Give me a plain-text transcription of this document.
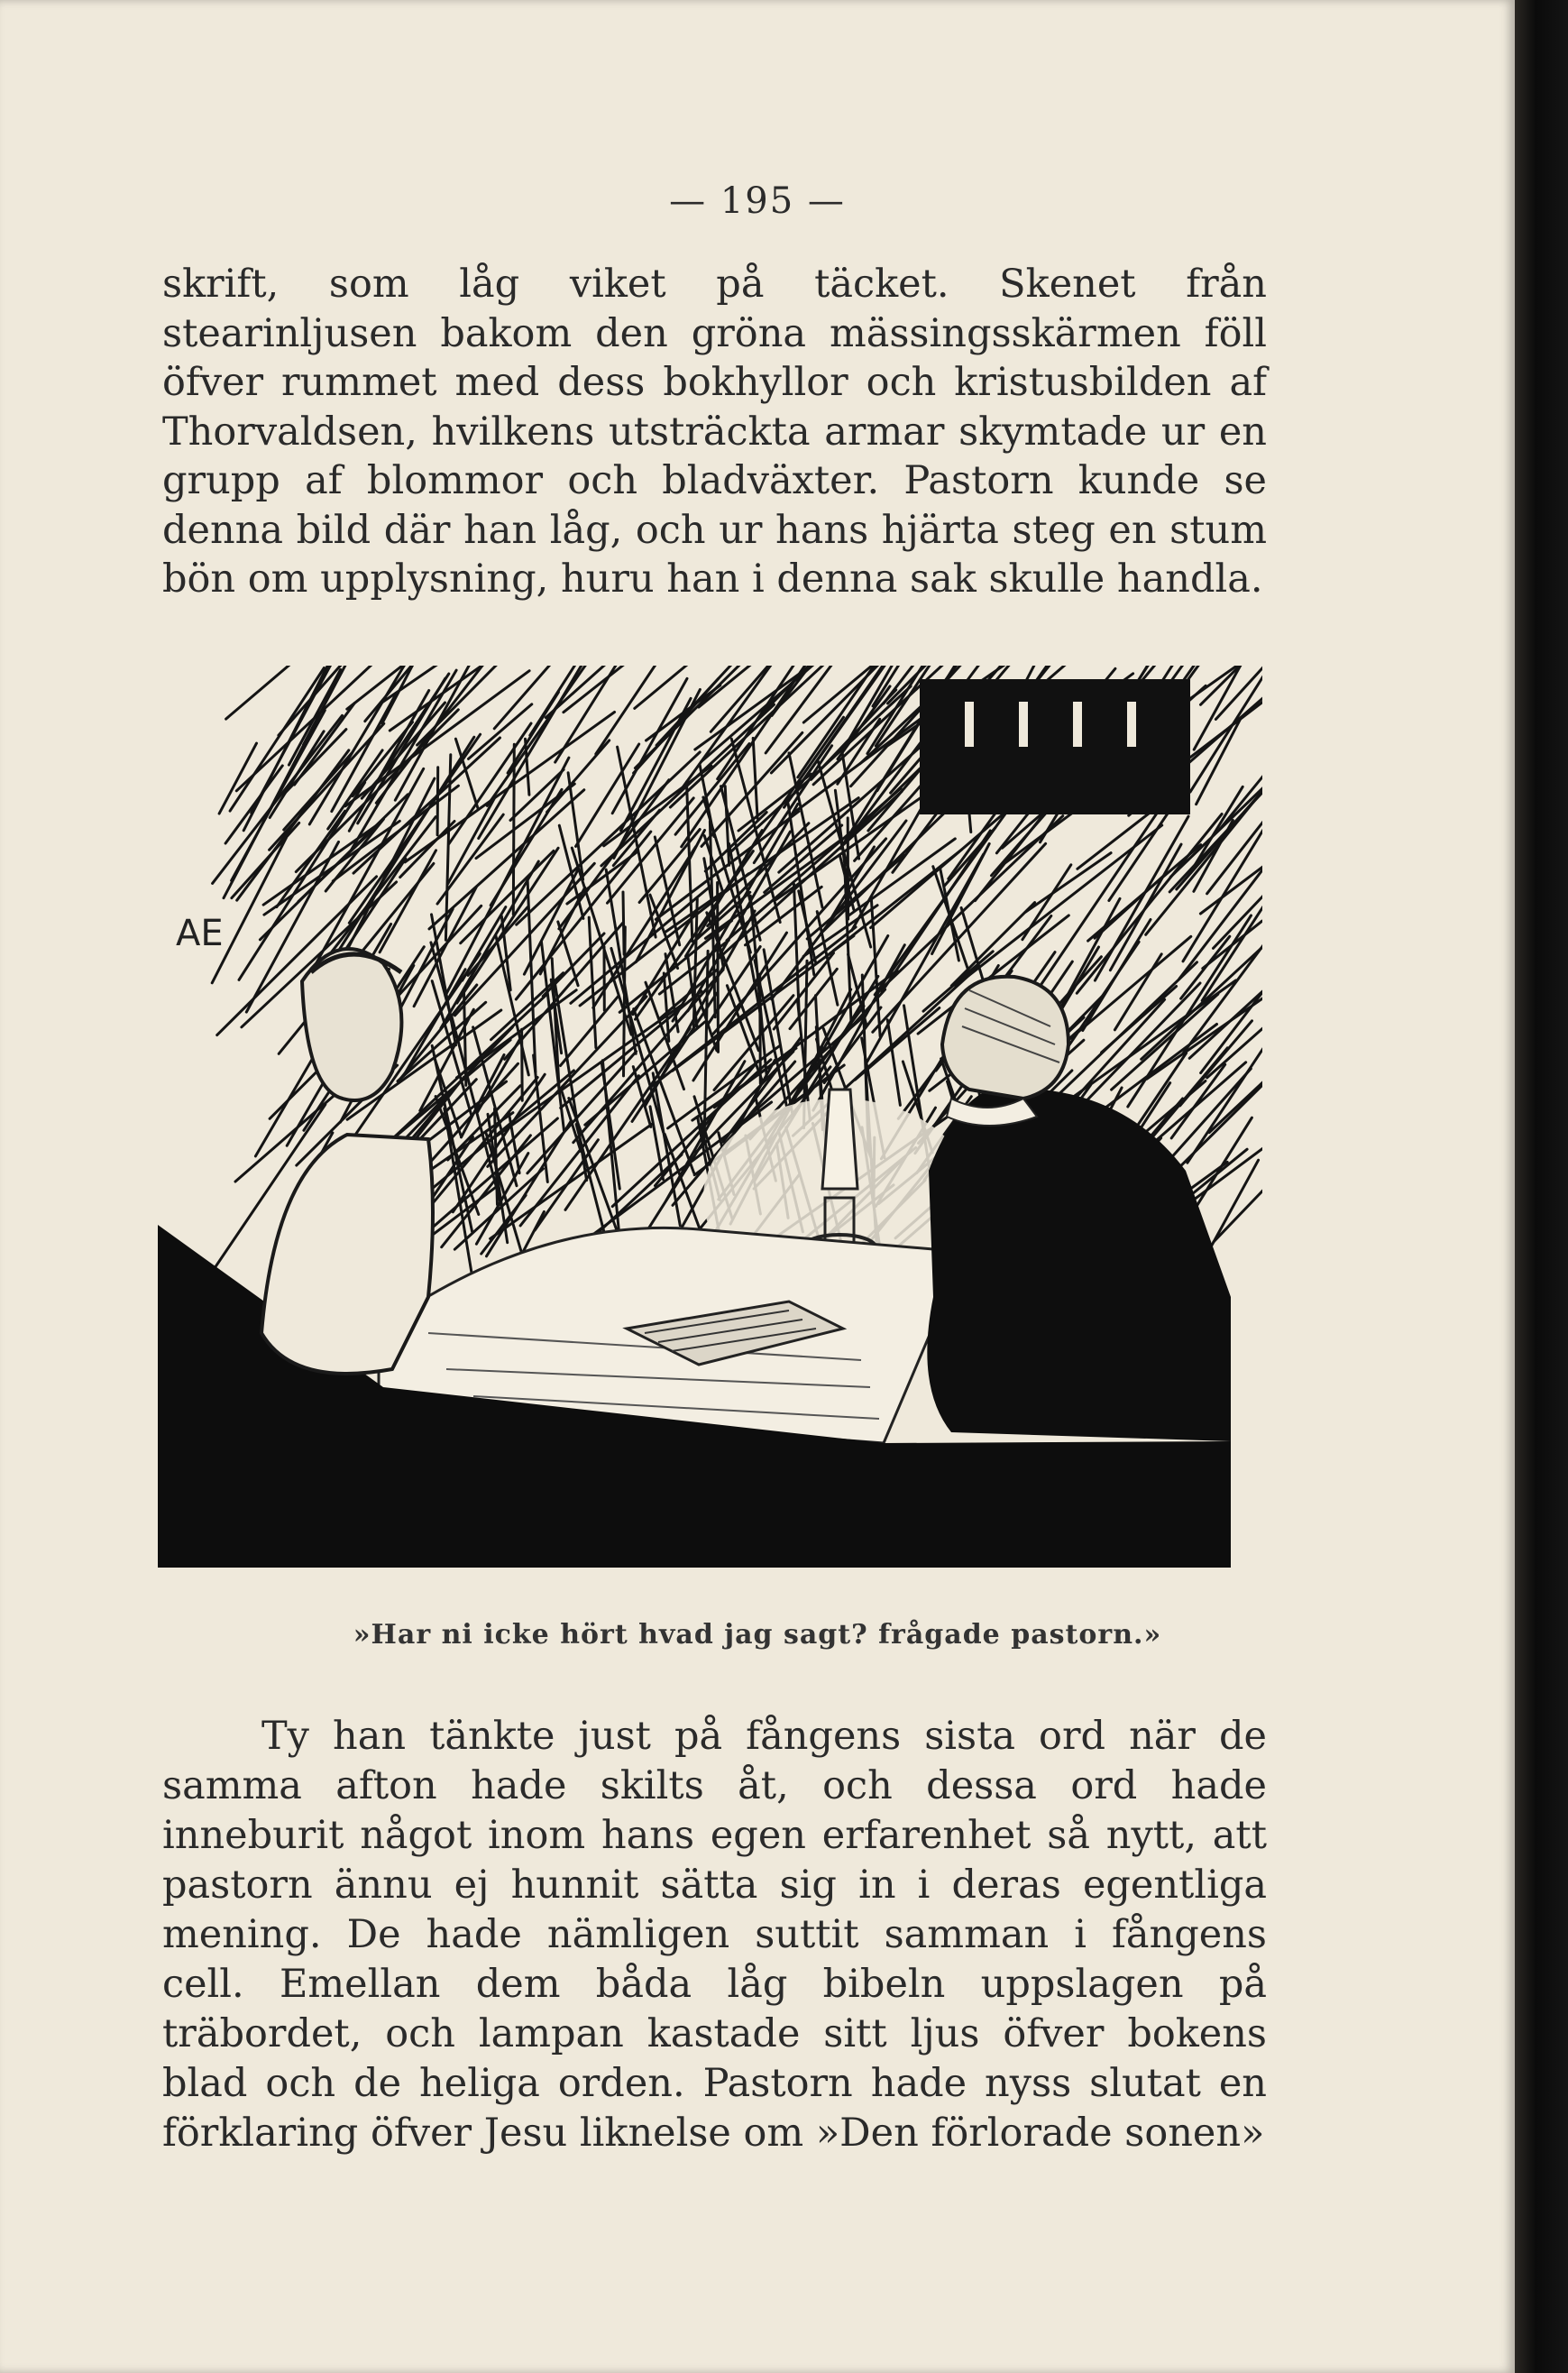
— 195 —

skrift, som låg viket på täcket. Skenet från stearinljusen bakom den gröna mässingsskärmen föll öfver rummet med dess bokhyllor och kristusbilden af Thorvaldsen, hvilkens utsträckta armar skymtade ur en grupp af blommor och bladväxter. Pastorn kunde se denna bild där han låg, och ur hans hjärta steg en stum bön om upplysning, huru han i denna sak skulle handla.

AE
»Har ni icke hört hvad jag sagt? frågade pastorn.»

Ty han tänkte just på fångens sista ord när de samma afton hade skilts åt, och dessa ord hade inneburit något inom hans egen erfarenhet så nytt, att pastorn ännu ej hunnit sätta sig in i deras egentliga mening. De hade nämligen suttit samman i fångens cell. Emellan dem båda låg bibeln uppslagen på träbordet, och lampan kastade sitt ljus öfver bokens blad och de heliga orden. Pastorn hade nyss slutat en förklaring öfver Jesu liknelse om »Den förlorade sonen»
